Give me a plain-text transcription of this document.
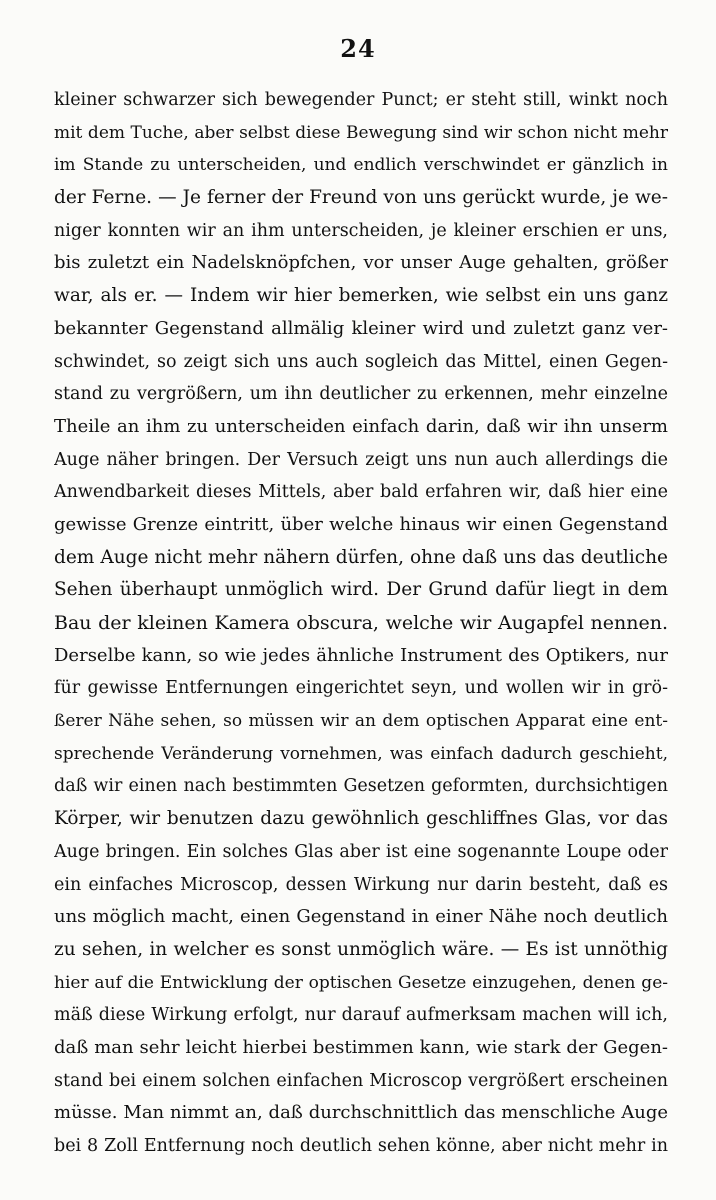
24
kleiner schwarzer sich bewegender Punct; er steht still, winkt noch
mit dem Tuche, aber selbst diese Bewegung sind wir schon nicht mehr
im Stande zu unterscheiden, und endlich verschwindet er gänzlich in
der Ferne. — Je ferner der Freund von uns gerückt wurde, je we-
niger konnten wir an ihm unterscheiden, je kleiner erschien er uns,
bis zuletzt ein Nadelsknöpfchen, vor unser Auge gehalten, größer
war, als er. — Indem wir hier bemerken, wie selbst ein uns ganz
bekannter Gegenstand allmälig kleiner wird und zuletzt ganz ver-
schwindet, so zeigt sich uns auch sogleich das Mittel, einen Gegen-
stand zu vergrößern, um ihn deutlicher zu erkennen, mehr einzelne
Theile an ihm zu unterscheiden einfach darin, daß wir ihn unserm
Auge näher bringen. Der Versuch zeigt uns nun auch allerdings die
Anwendbarkeit dieses Mittels, aber bald erfahren wir, daß hier eine
gewisse Grenze eintritt, über welche hinaus wir einen Gegenstand
dem Auge nicht mehr nähern dürfen, ohne daß uns das deutliche
Sehen überhaupt unmöglich wird. Der Grund dafür liegt in dem
Bau der kleinen Kamera obscura, welche wir Augapfel nennen.
Derselbe kann, so wie jedes ähnliche Instrument des Optikers, nur
für gewisse Entfernungen eingerichtet seyn, und wollen wir in grö-
ßerer Nähe sehen, so müssen wir an dem optischen Apparat eine ent-
sprechende Veränderung vornehmen, was einfach dadurch geschieht,
daß wir einen nach bestimmten Gesetzen geformten, durchsichtigen
Körper, wir benutzen dazu gewöhnlich geschliffnes Glas, vor das
Auge bringen. Ein solches Glas aber ist eine sogenannte Loupe oder
ein einfaches Microscop, dessen Wirkung nur darin besteht, daß es
uns möglich macht, einen Gegenstand in einer Nähe noch deutlich
zu sehen, in welcher es sonst unmöglich wäre. — Es ist unnöthig
hier auf die Entwicklung der optischen Gesetze einzugehen, denen ge-
mäß diese Wirkung erfolgt, nur darauf aufmerksam machen will ich,
daß man sehr leicht hierbei bestimmen kann, wie stark der Gegen-
stand bei einem solchen einfachen Microscop vergrößert erscheinen
müsse. Man nimmt an, daß durchschnittlich das menschliche Auge
bei 8 Zoll Entfernung noch deutlich sehen könne, aber nicht mehr in
